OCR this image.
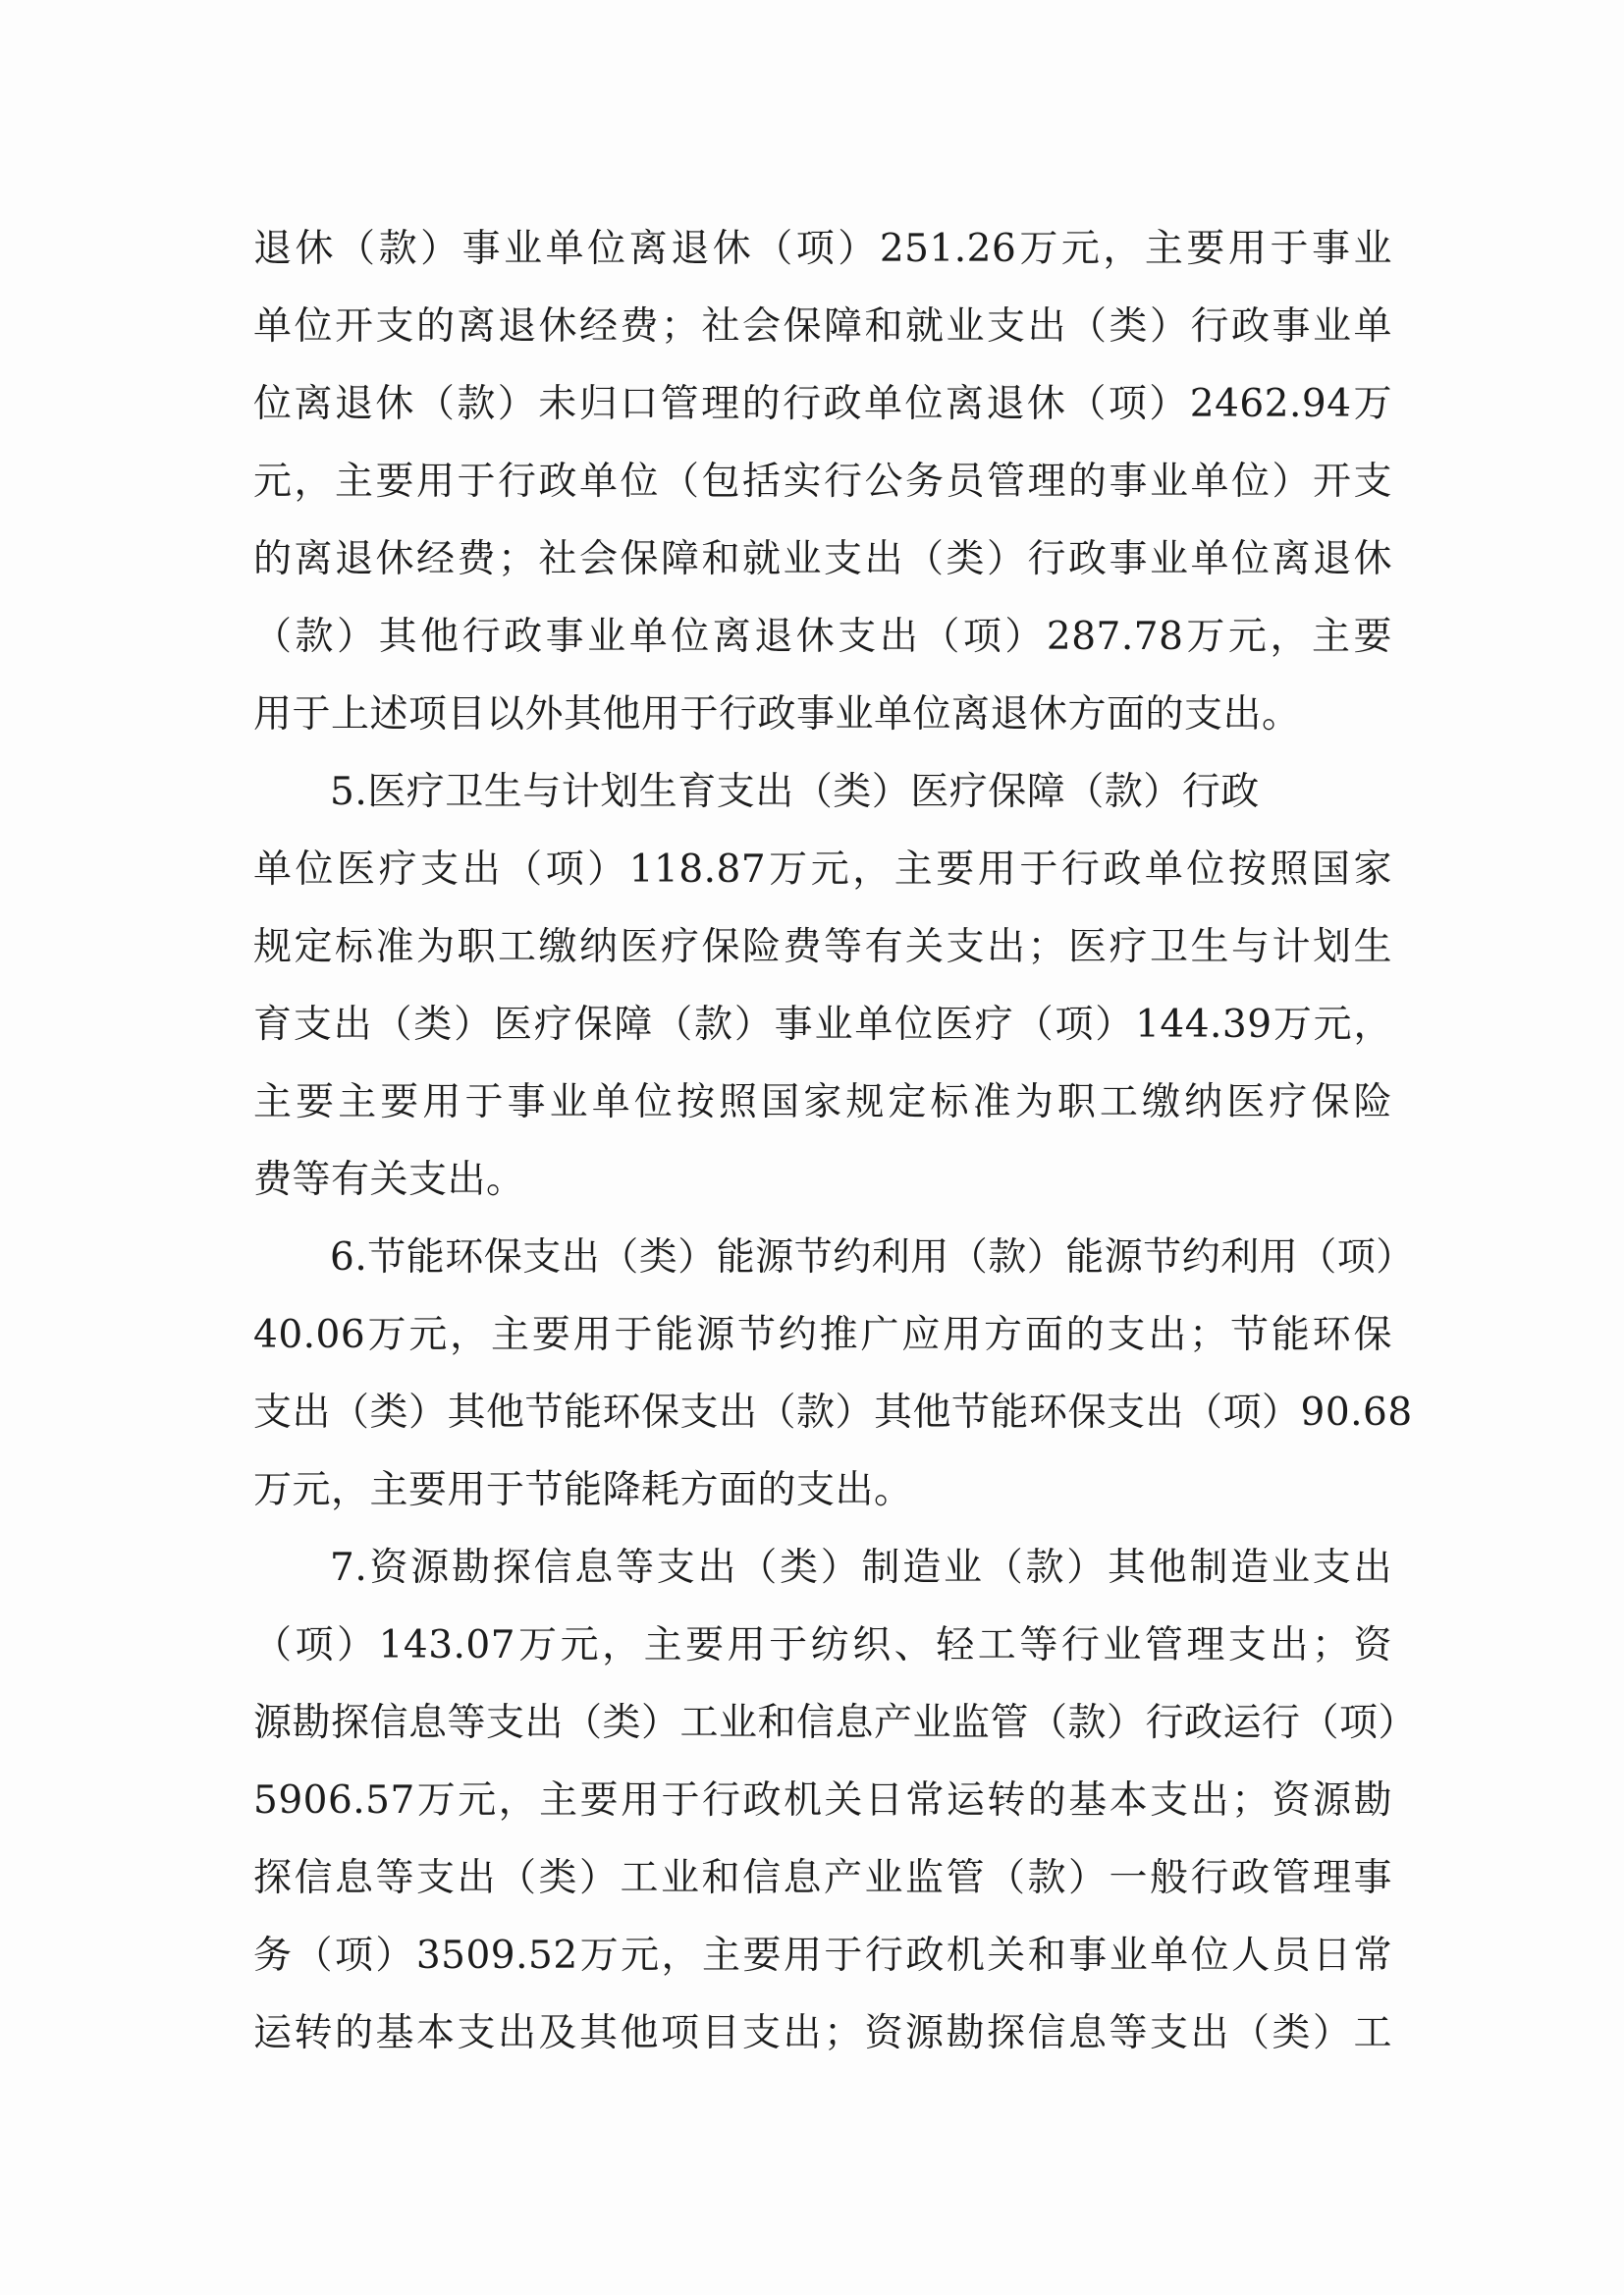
退休（款）事业单位离退休（项）251.26万元，主要用于事业
单位开支的离退休经费；社会保障和就业支出（类）行政事业单
位离退休（款）未归口管理的行政单位离退休（项）2462.94万
元，主要用于行政单位（包括实行公务员管理的事业单位）开支
的离退休经费；社会保障和就业支出（类）行政事业单位离退休
（款）其他行政事业单位离退休支出（项）287.78万元，主要
用于上述项目以外其他用于行政事业单位离退休方面的支出。
5.医疗卫生与计划生育支出（类）医疗保障（款）行政
单位医疗支出（项）118.87万元，主要用于行政单位按照国家
规定标准为职工缴纳医疗保险费等有关支出；医疗卫生与计划生
育支出（类）医疗保障（款）事业单位医疗（项）144.39万元，
主要主要用于事业单位按照国家规定标准为职工缴纳医疗保险
费等有关支出。
6.节能环保支出（类）能源节约利用（款）能源节约利用（项）
40.06万元，主要用于能源节约推广应用方面的支出；节能环保
支出（类）其他节能环保支出（款）其他节能环保支出（项）90.68
万元，主要用于节能降耗方面的支出。
7.资源勘探信息等支出（类）制造业（款）其他制造业支出
（项）143.07万元，主要用于纺织、轻工等行业管理支出；资
源勘探信息等支出（类）工业和信息产业监管（款）行政运行（项）
5906.57万元，主要用于行政机关日常运转的基本支出；资源勘
探信息等支出（类）工业和信息产业监管（款）一般行政管理事
务（项）3509.52万元，主要用于行政机关和事业单位人员日常
运转的基本支出及其他项目支出；资源勘探信息等支出（类）工
